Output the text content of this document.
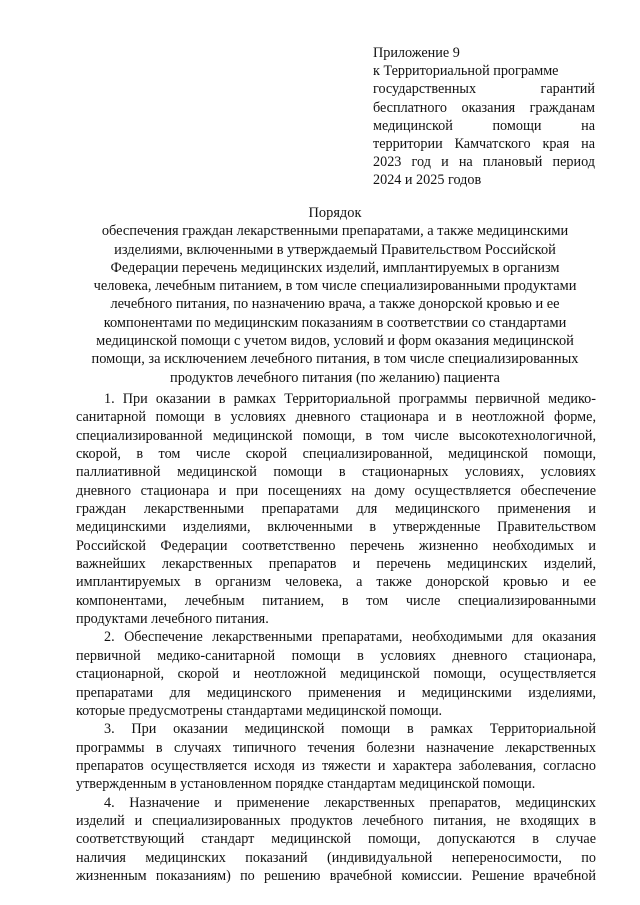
Приложение 9
к Территориальной программе
государственных гарантий
бесплатного оказания гражданам
медицинской помощи на
территории Камчатского края на
2023 год и на плановый период
2024 и 2025 годов
Порядок
обеспечения граждан лекарственными препаратами, а также медицинскими
изделиями, включенными в утверждаемый Правительством Российской
Федерации перечень медицинских изделий, имплантируемых в организм
человека, лечебным питанием, в том числе специализированными продуктами
лечебного питания, по назначению врача, а также донорской кровью и ее
компонентами по медицинским показаниям в соответствии со стандартами
медицинской помощи с учетом видов, условий и форм оказания медицинской
помощи, за исключением лечебного питания, в том числе специализированных
продуктов лечебного питания (по желанию) пациента
1. При оказании в рамках Территориальной программы первичной медико-
санитарной помощи в условиях дневного стационара и в неотложной форме,
специализированной медицинской помощи, в том числе высокотехнологичной,
скорой, в том числе скорой специализированной, медицинской помощи,
паллиативной медицинской помощи в стационарных условиях, условиях
дневного стационара и при посещениях на дому осуществляется обеспечение
граждан лекарственными препаратами для медицинского применения и
медицинскими изделиями, включенными в утвержденные Правительством
Российской Федерации соответственно перечень жизненно необходимых и
важнейших лекарственных препаратов и перечень медицинских изделий,
имплантируемых в организм человека, а также донорской кровью и ее
компонентами, лечебным питанием, в том числе специализированными
продуктами лечебного питания.
2. Обеспечение лекарственными препаратами, необходимыми для оказания
первичной медико-санитарной помощи в условиях дневного стационара,
стационарной, скорой и неотложной медицинской помощи, осуществляется
препаратами для медицинского применения и медицинскими изделиями,
которые предусмотрены стандартами медицинской помощи.
3. При оказании медицинской помощи в рамках Территориальной
программы в случаях типичного течения болезни назначение лекарственных
препаратов осуществляется исходя из тяжести и характера заболевания, согласно
утвержденным в установленном порядке стандартам медицинской помощи.
4. Назначение и применение лекарственных препаратов, медицинских
изделий и специализированных продуктов лечебного питания, не входящих в
соответствующий стандарт медицинской помощи, допускаются в случае
наличия медицинских показаний (индивидуальной непереносимости, по
жизненным показаниям) по решению врачебной комиссии. Решение врачебной
